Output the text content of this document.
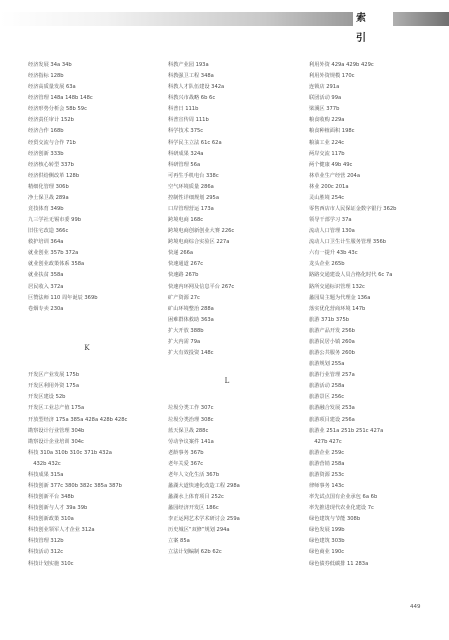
索 引
经济发展 34a 34b
经济指标 128b
经济高质量发展 63a
经济管理 148a 148b 148c
经济形势分析会 58b 59c
经济责任审计 152b
经济合作 168b
经贸交流与合作 71b
经济创新 333b
经济核心转型 337b
经济供给侧改革 128b
精细化管理 306b
净土保卫战 289a
竞技体育 349b
九三学社无锡市委 99b
旧住宅改造 366c
救护培训 364a
就业创业 357b 372a
就业创业政策体系 358a
就业扶贫 358a
居民收入 372a
巨赞法师 110 周年诞辰 369b
卷烟专卖 230a
K
开发区产业发展 175b
开发区利用外资 175a
开发区建设 52b
开发区工业总产值 175a
开放型经济 175a 385a 428a 428b 428c
勘察设计行业管理 304b
勘察设计企业培训 304c
科技 310a 310b 310c 371b 432a
　432b 432c
科技成果 315a
科技创新 377c 380b 382c 385a 387b
科技创新平台 348b
科技创新与人才 39a 39b
科技创新政策 310a
科技创业领军人才企业 312a
科技管理 312b
科技活动 312c
科技计划实施 310c
科教产业园 193a
科教强卫工程 348a
科教人才队伍建设 342a
科教兴市战略 6b 6c
科普日 111b
科普宣传周 111b
科学技术 375c
科学民主立法 61c 62a
科研成果 324a
科研管理 56a
可再生手机电台 338c
空气环境质量 286a
控制性详细规划 295a
口岸管理营运 173a
跨境电商 168c
跨境电商创新创业大赛 226c
跨境电商综合实验区 227a
快递 266a
快速通道 267c
快速路 267b
快速内环网及信息平台 267c
矿产资源 27c
矿山环境整治 288a
困难群体救助 363a
扩大开放 388b
扩大内需 79a
扩大有效投资 148c
L
垃圾分类工作 307c
垃圾分类治理 308c
蓝天保卫战 288c
劳动争议案件 141a
老龄事务 367b
老年关爱 367c
老年人文化生活 367b
蠡湖大道快速化改造工程 298a
蠡湖水上体育项目 252c
蠡园经济开发区 186c
李正运网艺术学术研讨会 259a
历史城区“双修”规划 294a
立案 85a
立法计划编制 62b 62c
利用外资 429a 429b 429c
利用外资规模 170c
连锁店 291a
联团活动 99a
梁溪区 377b
粮食收购 229a
粮食种植面积 198c
粮油工业 224c
两岸交流 117b
两个健康 49b 49c
林草业生产经营 204a
林业 200c 201a
灵山胜境 254c
零售西店市人民保证金数字银行 362b
领导干部学习 37a
流动人口管理 130a
流动人口卫生计生服务管理 356b
六有一提升 43b 43c
龙头企业 265b
路路交通建设人员合格化时代 6c 7a
路所交通标识管理 132c
蠡园局主题为代理金 136a
落实优化营商环境 147b
旅游 371b 375b
旅游产品开发 256b
旅游民居小镇 260a
旅游公共服务 260b
旅游规划 255a
旅游行业管理 257a
旅游活动 258a
旅游景区 256c
旅游融合发展 253a
旅游项目建设 256a
旅游业 251a 251b 251c 427a
　427b 427c
旅游企业 259c
旅游营销 258a
旅游资源 253c
律师事务 143c
率先试点国有企业承包 6a 6b
率先推进现代农业化建设 7c
绿色建筑与节能 308b
绿色发展 199b
绿色建筑 303b
绿色商业 190c
绿色债券低碳排 11 283a
449
